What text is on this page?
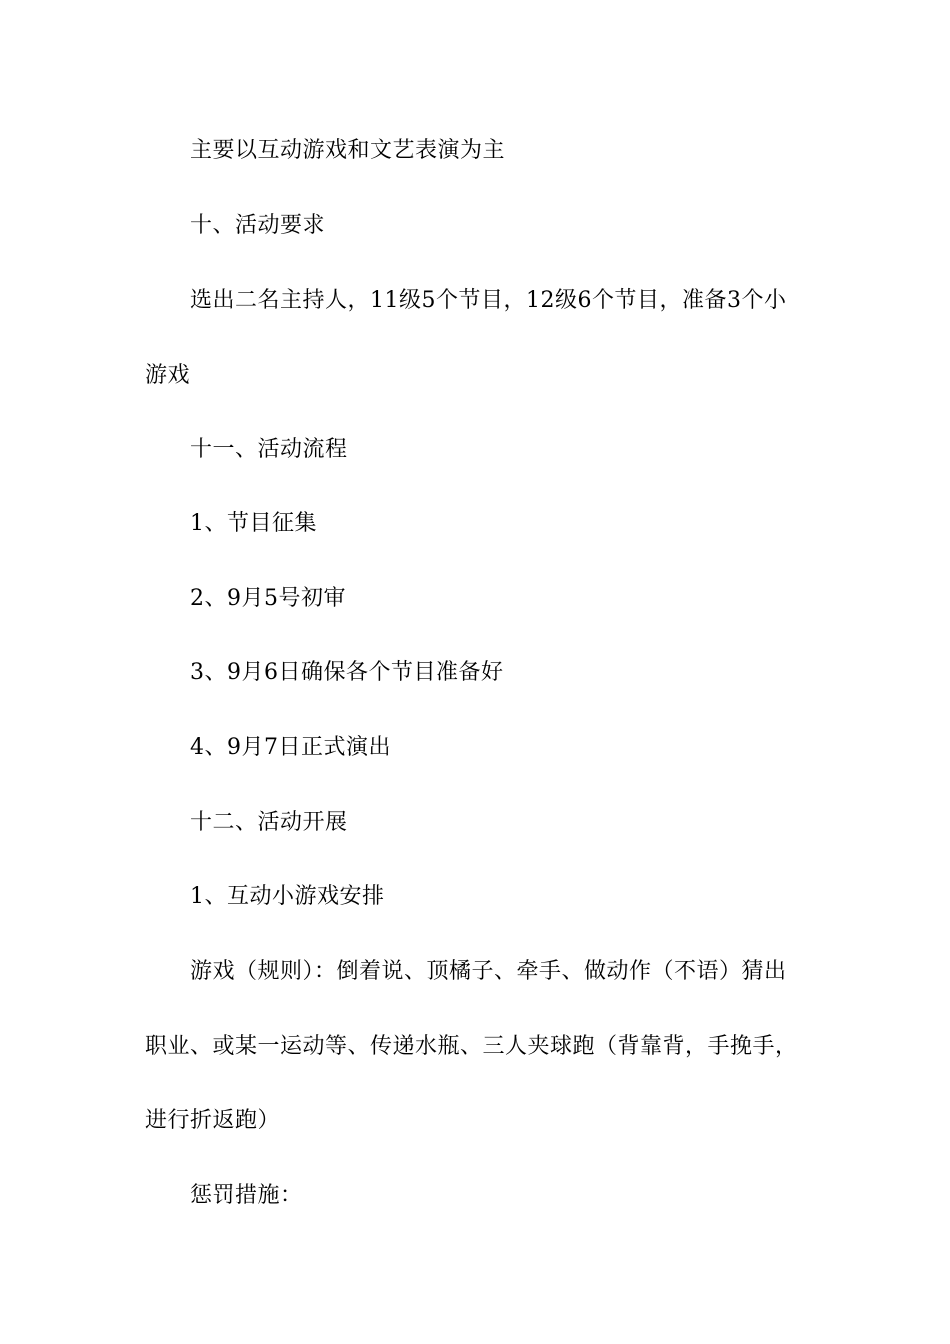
主要以互动游戏和文艺表演为主
十、活动要求
选出二名主持人，11级5个节目，12级6个节目，准备3个小
游戏
十一、活动流程
1、节目征集
2、9月5号初审
3、9月6日确保各个节目准备好
4、9月7日正式演出
十二、活动开展
1、互动小游戏安排
游戏（规则）：倒着说、顶橘子、牵手、做动作（不语）猜出
职业、或某一运动等、传递水瓶、三人夹球跑（背靠背，手挽手，
进行折返跑）
惩罚措施：
